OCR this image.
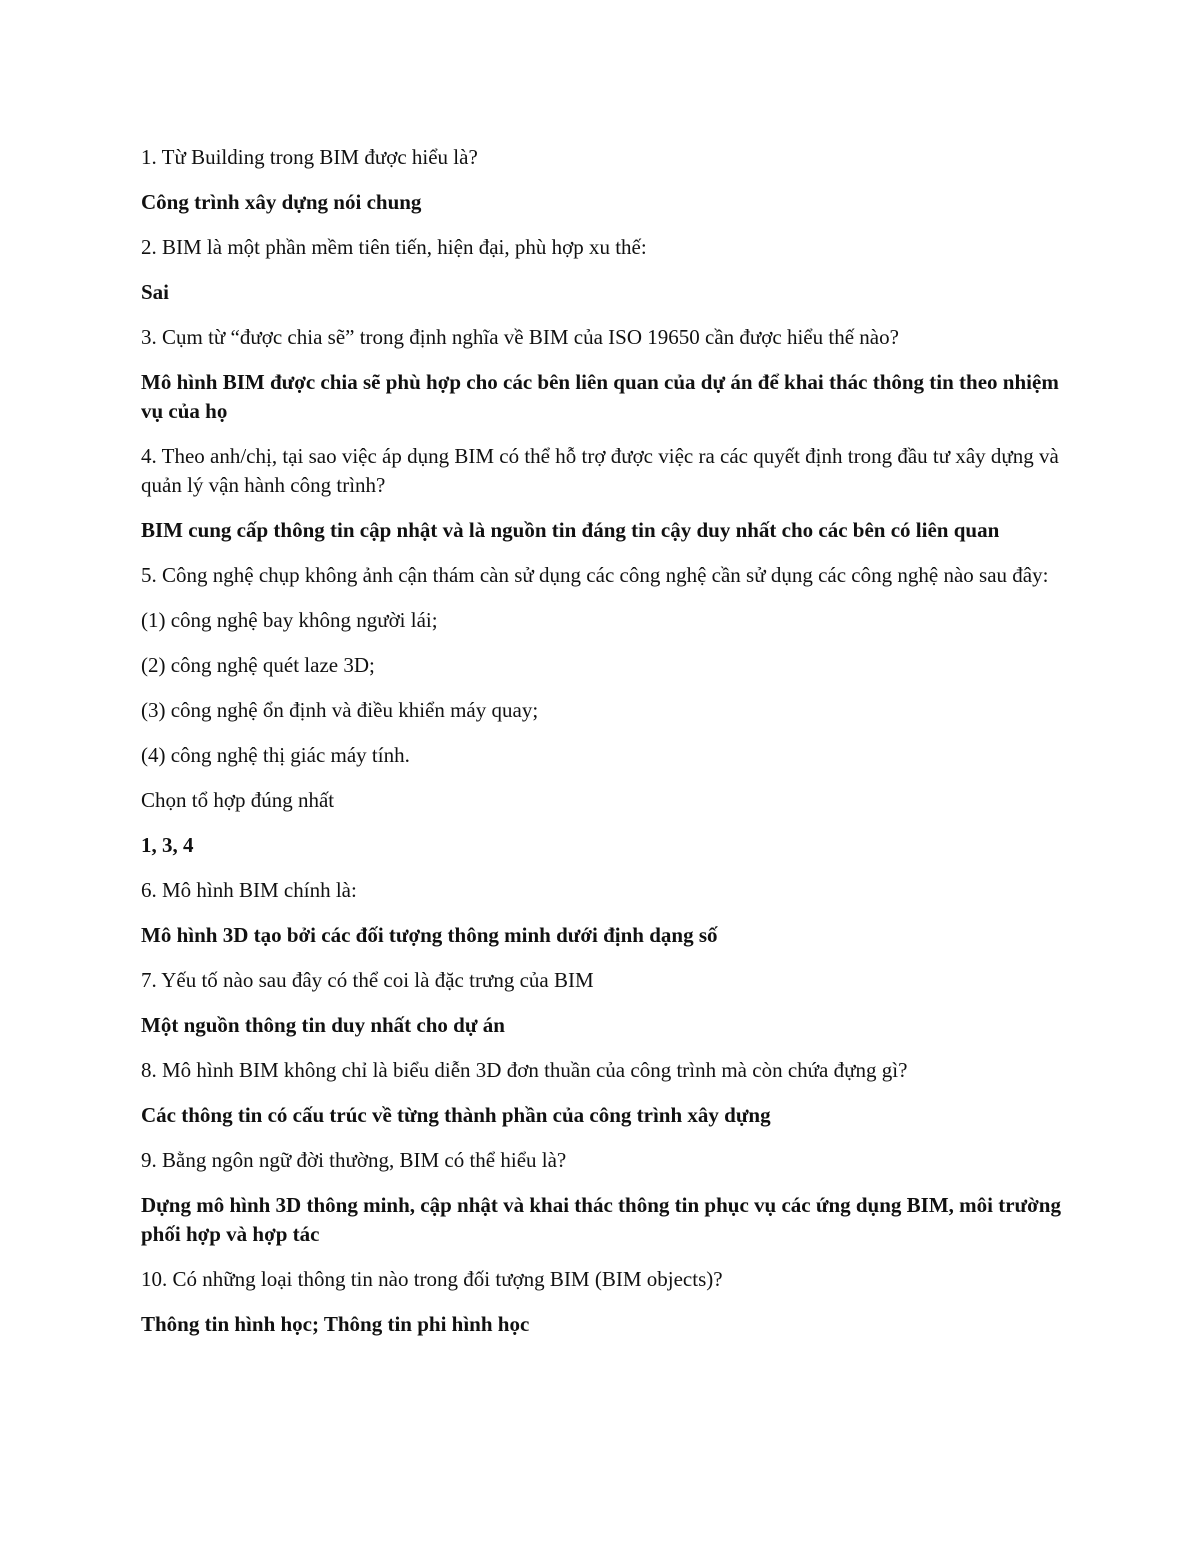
1. Từ Building trong BIM được hiểu là?

Công trình xây dựng nói chung

2. BIM là một phần mềm tiên tiến, hiện đại, phù hợp xu thế:

Sai

3. Cụm từ “được chia sẽ” trong định nghĩa về BIM của ISO 19650 cần được hiểu thế nào?

Mô hình BIM được chia sẽ phù hợp cho các bên liên quan của dự án để khai thác thông tin theo nhiệm vụ của họ

4. Theo anh/chị, tại sao việc áp dụng BIM có thể hỗ trợ được việc ra các quyết định trong đầu tư xây dựng và quản lý vận hành công trình?

BIM cung cấp thông tin cập nhật và là nguồn tin đáng tin cậy duy nhất cho các bên có liên quan

5. Công nghệ chụp không ảnh cận thám càn sử dụng các công nghệ cần sử dụng các công nghệ nào sau đây:

(1) công nghệ bay không người lái;

(2) công nghệ quét laze 3D;

(3) công nghệ ổn định và điều khiển máy quay;

(4) công nghệ thị giác máy tính.

Chọn tổ hợp đúng nhất

1, 3, 4

6. Mô hình BIM chính là:

Mô hình 3D tạo bởi các đối tượng thông minh dưới định dạng số

7. Yếu tố nào sau đây có thể coi là đặc trưng của BIM

Một nguồn thông tin duy nhất cho dự án

8. Mô hình BIM không chỉ là biểu diễn 3D đơn thuần của công trình mà còn chứa đựng gì?

Các thông tin có cấu trúc về từng thành phần của công trình xây dựng

9. Bằng ngôn ngữ đời thường, BIM có thể hiểu là?

Dựng mô hình 3D thông minh, cập nhật và khai thác thông tin phục vụ các ứng dụng BIM, môi trường phối hợp và hợp tác

10. Có những loại thông tin nào trong đối tượng BIM (BIM objects)?

Thông tin hình học; Thông tin phi hình học
